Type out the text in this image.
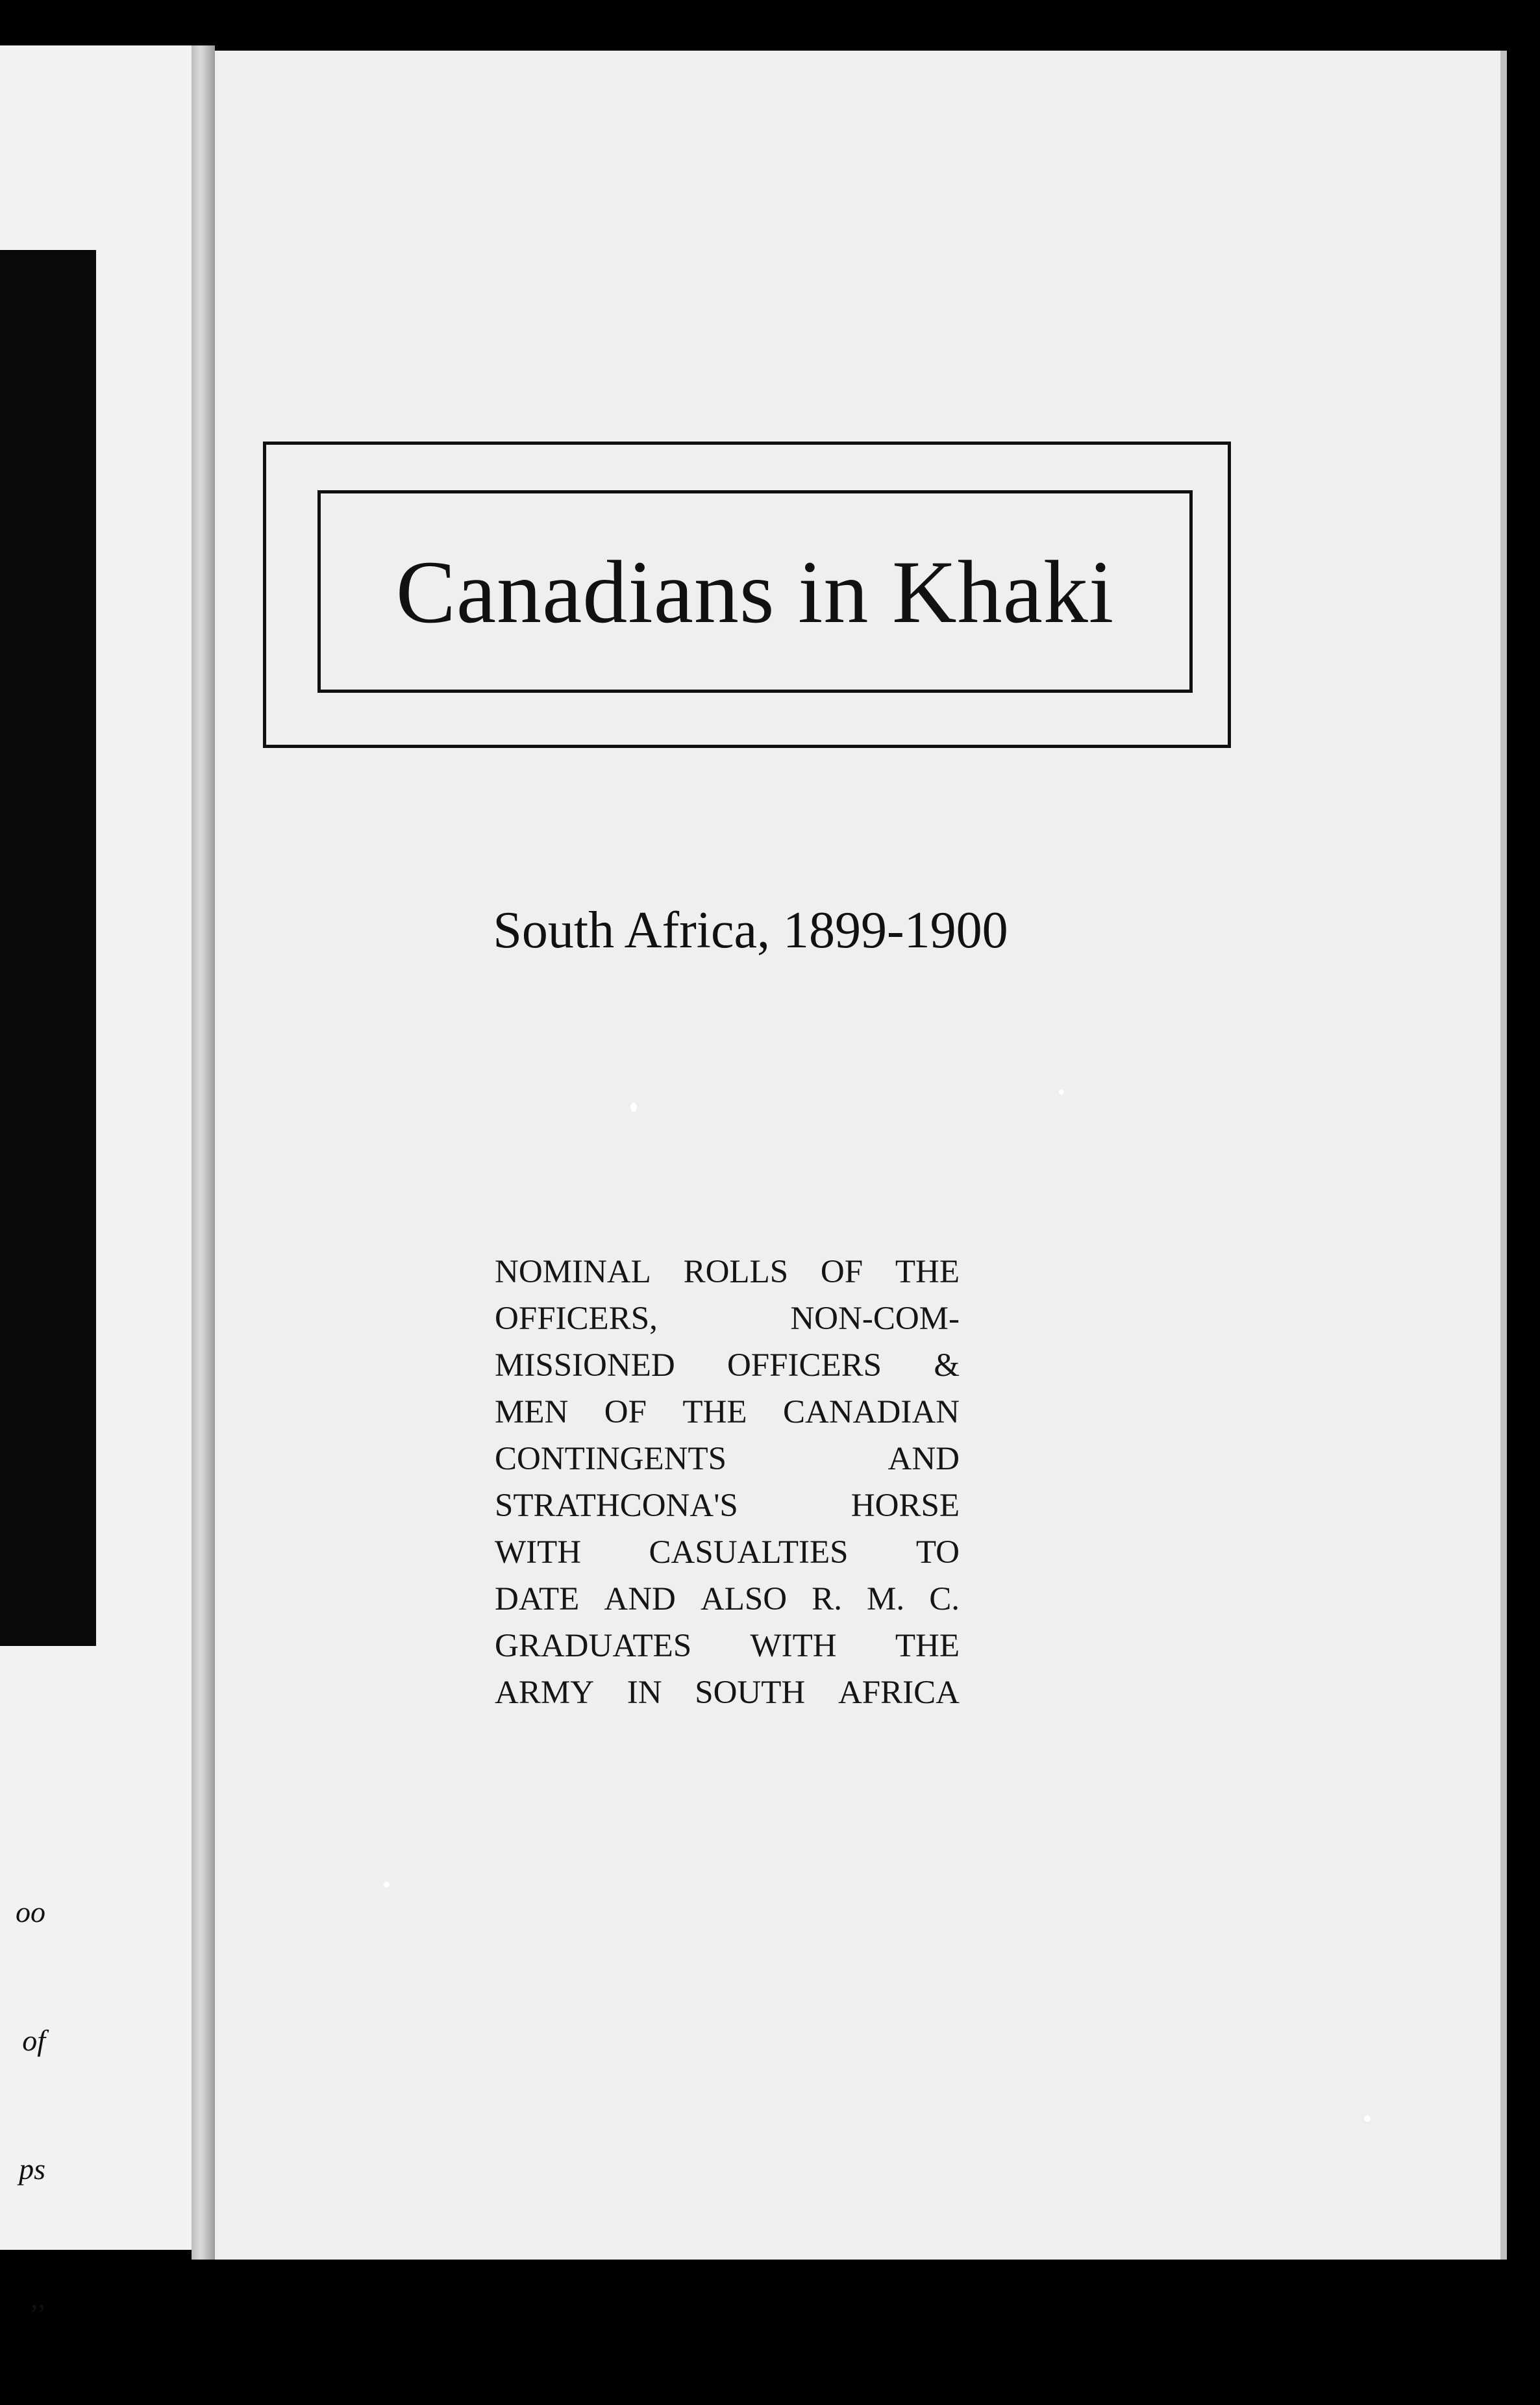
oo

of

ps

,,

Canadians in Khaki
South Africa, 1899-1900
NOMINAL ROLLS OF THE
OFFICERS,	NON-COM-
MISSIONED OFFICERS &
MEN OF THE CANADIAN
CONTINGENTS	AND
STRATHCONA'S	HORSE
WITH CASUALTIES TO
DATE AND ALSO R. M. C.
GRADUATES WITH THE
ARMY IN SOUTH AFRICA
